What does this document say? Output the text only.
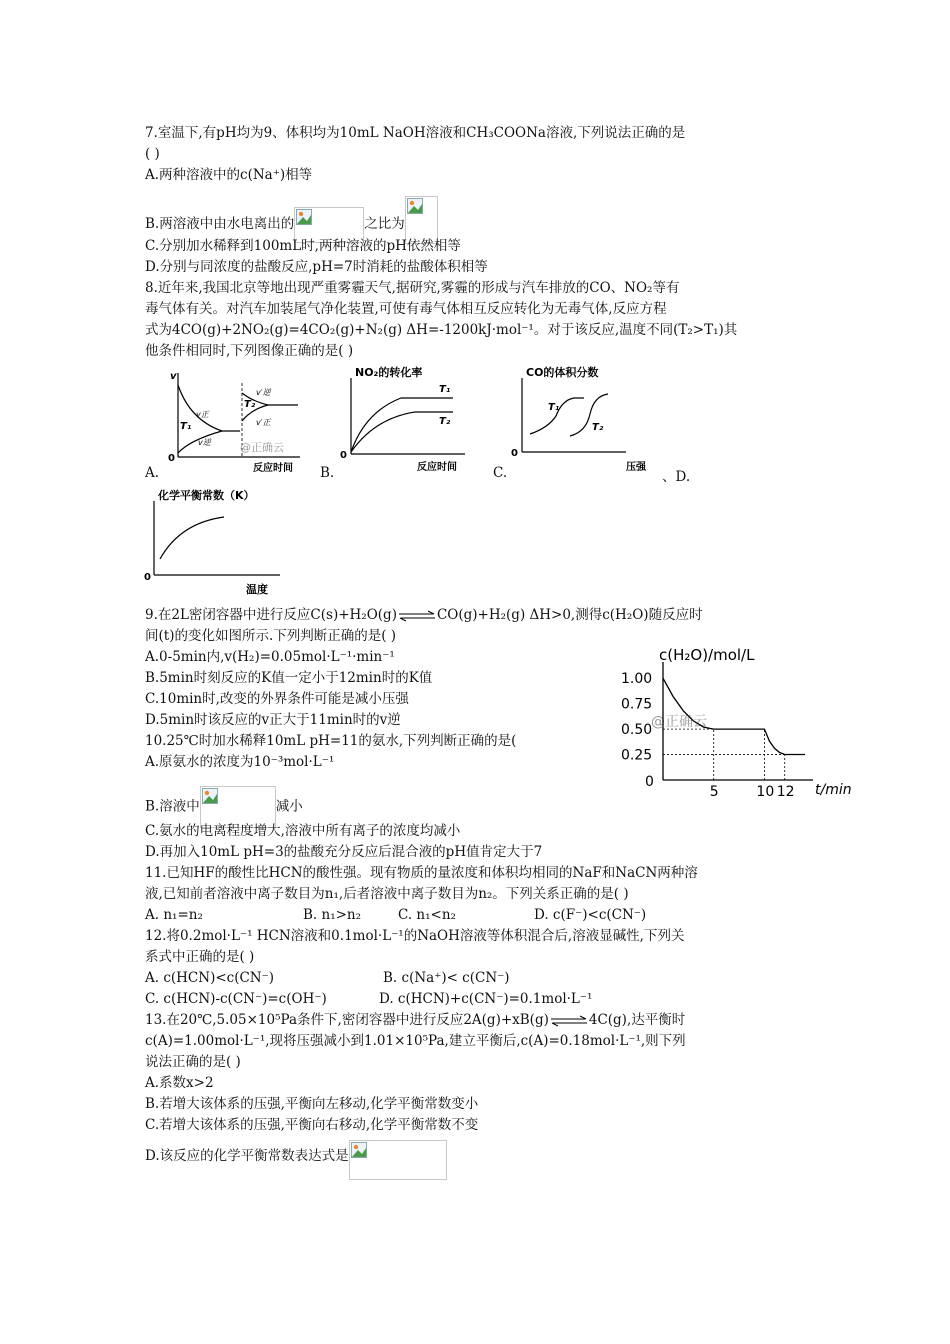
7.室温下,有pH均为9、体积均为10mL NaOH溶液和CH₃COONa溶液,下列说法正确的是
( )
A.两种溶液中的c(Na⁺)相等
B.两溶液中由水电离出的	之比为
C.分别加水稀释到100mL时,两种溶液的pH依然相等
D.分别与同浓度的盐酸反应,pH=7时消耗的盐酸体积相等
8.近年来,我国北京等地出现严重雾霾天气,据研究,雾霾的形成与汽车排放的CO、NO₂等有
毒气体有关。对汽车加装尾气净化装置,可使有毒气体相互反应转化为无毒气体,反应方程
式为4CO(g)+2NO₂(g)=4CO₂(g)+N₂(g) ΔH=-1200kJ·mol⁻¹。对于该反应,温度不同(T₂>T₁)其
他条件相同时,下列图像正确的是( )
A.	B.	C.	、D.
v
0
反应时间
v正
v逆
T₁
T₂
v′逆
v′正
@正确云
NO₂的转化率
0
反应时间
T₁
T₂
CO的体积分数
0
压强
T₁
T₂
化学平衡常数（K）
0
温度
9.在2L密闭容器中进行反应C(s)+H₂O(g)⇌CO(g)+H₂(g) ΔH>0,测得c(H₂O)随反应时
间(t)的变化如图所示.下列判断正确的是( )
A.0-5min内,v(H₂)=0.05mol·L⁻¹·min⁻¹
B.5min时刻反应的K值一定小于12min时的K值
C.10min时,改变的外界条件可能是减小压强
D.5min时该反应的v正大于11min时的v逆
c(H₂O)/mol/L
@正确云
0	t/min
1.00
0.75
0.50
0.25
5	10 12
10.25℃时加水稀释10mL pH=11的氨水,下列判断正确的是(
A.原氨水的浓度为10⁻³mol·L⁻¹
B.溶液中	减小
C.氨水的电离程度增大,溶液中所有离子的浓度均减小
D.再加入10mL pH=3的盐酸充分反应后混合液的pH值肯定大于7
11.已知HF的酸性比HCN的酸性强。现有物质的量浓度和体积均相同的NaF和NaCN两种溶
液,已知前者溶液中离子数目为n₁,后者溶液中离子数目为n₂。下列关系正确的是( )
A. n₁=n₂	B. n₁>n₂	C. n₁<n₂	D. c(F⁻)<c(CN⁻)
12.将0.2mol·L⁻¹ HCN溶液和0.1mol·L⁻¹的NaOH溶液等体积混合后,溶液显碱性,下列关
系式中正确的是( )
A. c(HCN)<c(CN⁻)	B. c(Na⁺)< c(CN⁻)
C. c(HCN)-c(CN⁻)=c(OH⁻)	D. c(HCN)+c(CN⁻)=0.1mol·L⁻¹
13.在20℃,5.05×10⁵Pa条件下,密闭容器中进行反应2A(g)+xB(g)⇌4C(g),达平衡时
c(A)=1.00mol·L⁻¹,现将压强减小到1.01×10⁵Pa,建立平衡后,c(A)=0.18mol·L⁻¹,则下列
说法正确的是( )
A.系数x>2
B.若增大该体系的压强,平衡向左移动,化学平衡常数变小
C.若增大该体系的压强,平衡向右移动,化学平衡常数不变
D.该反应的化学平衡常数表达式是
